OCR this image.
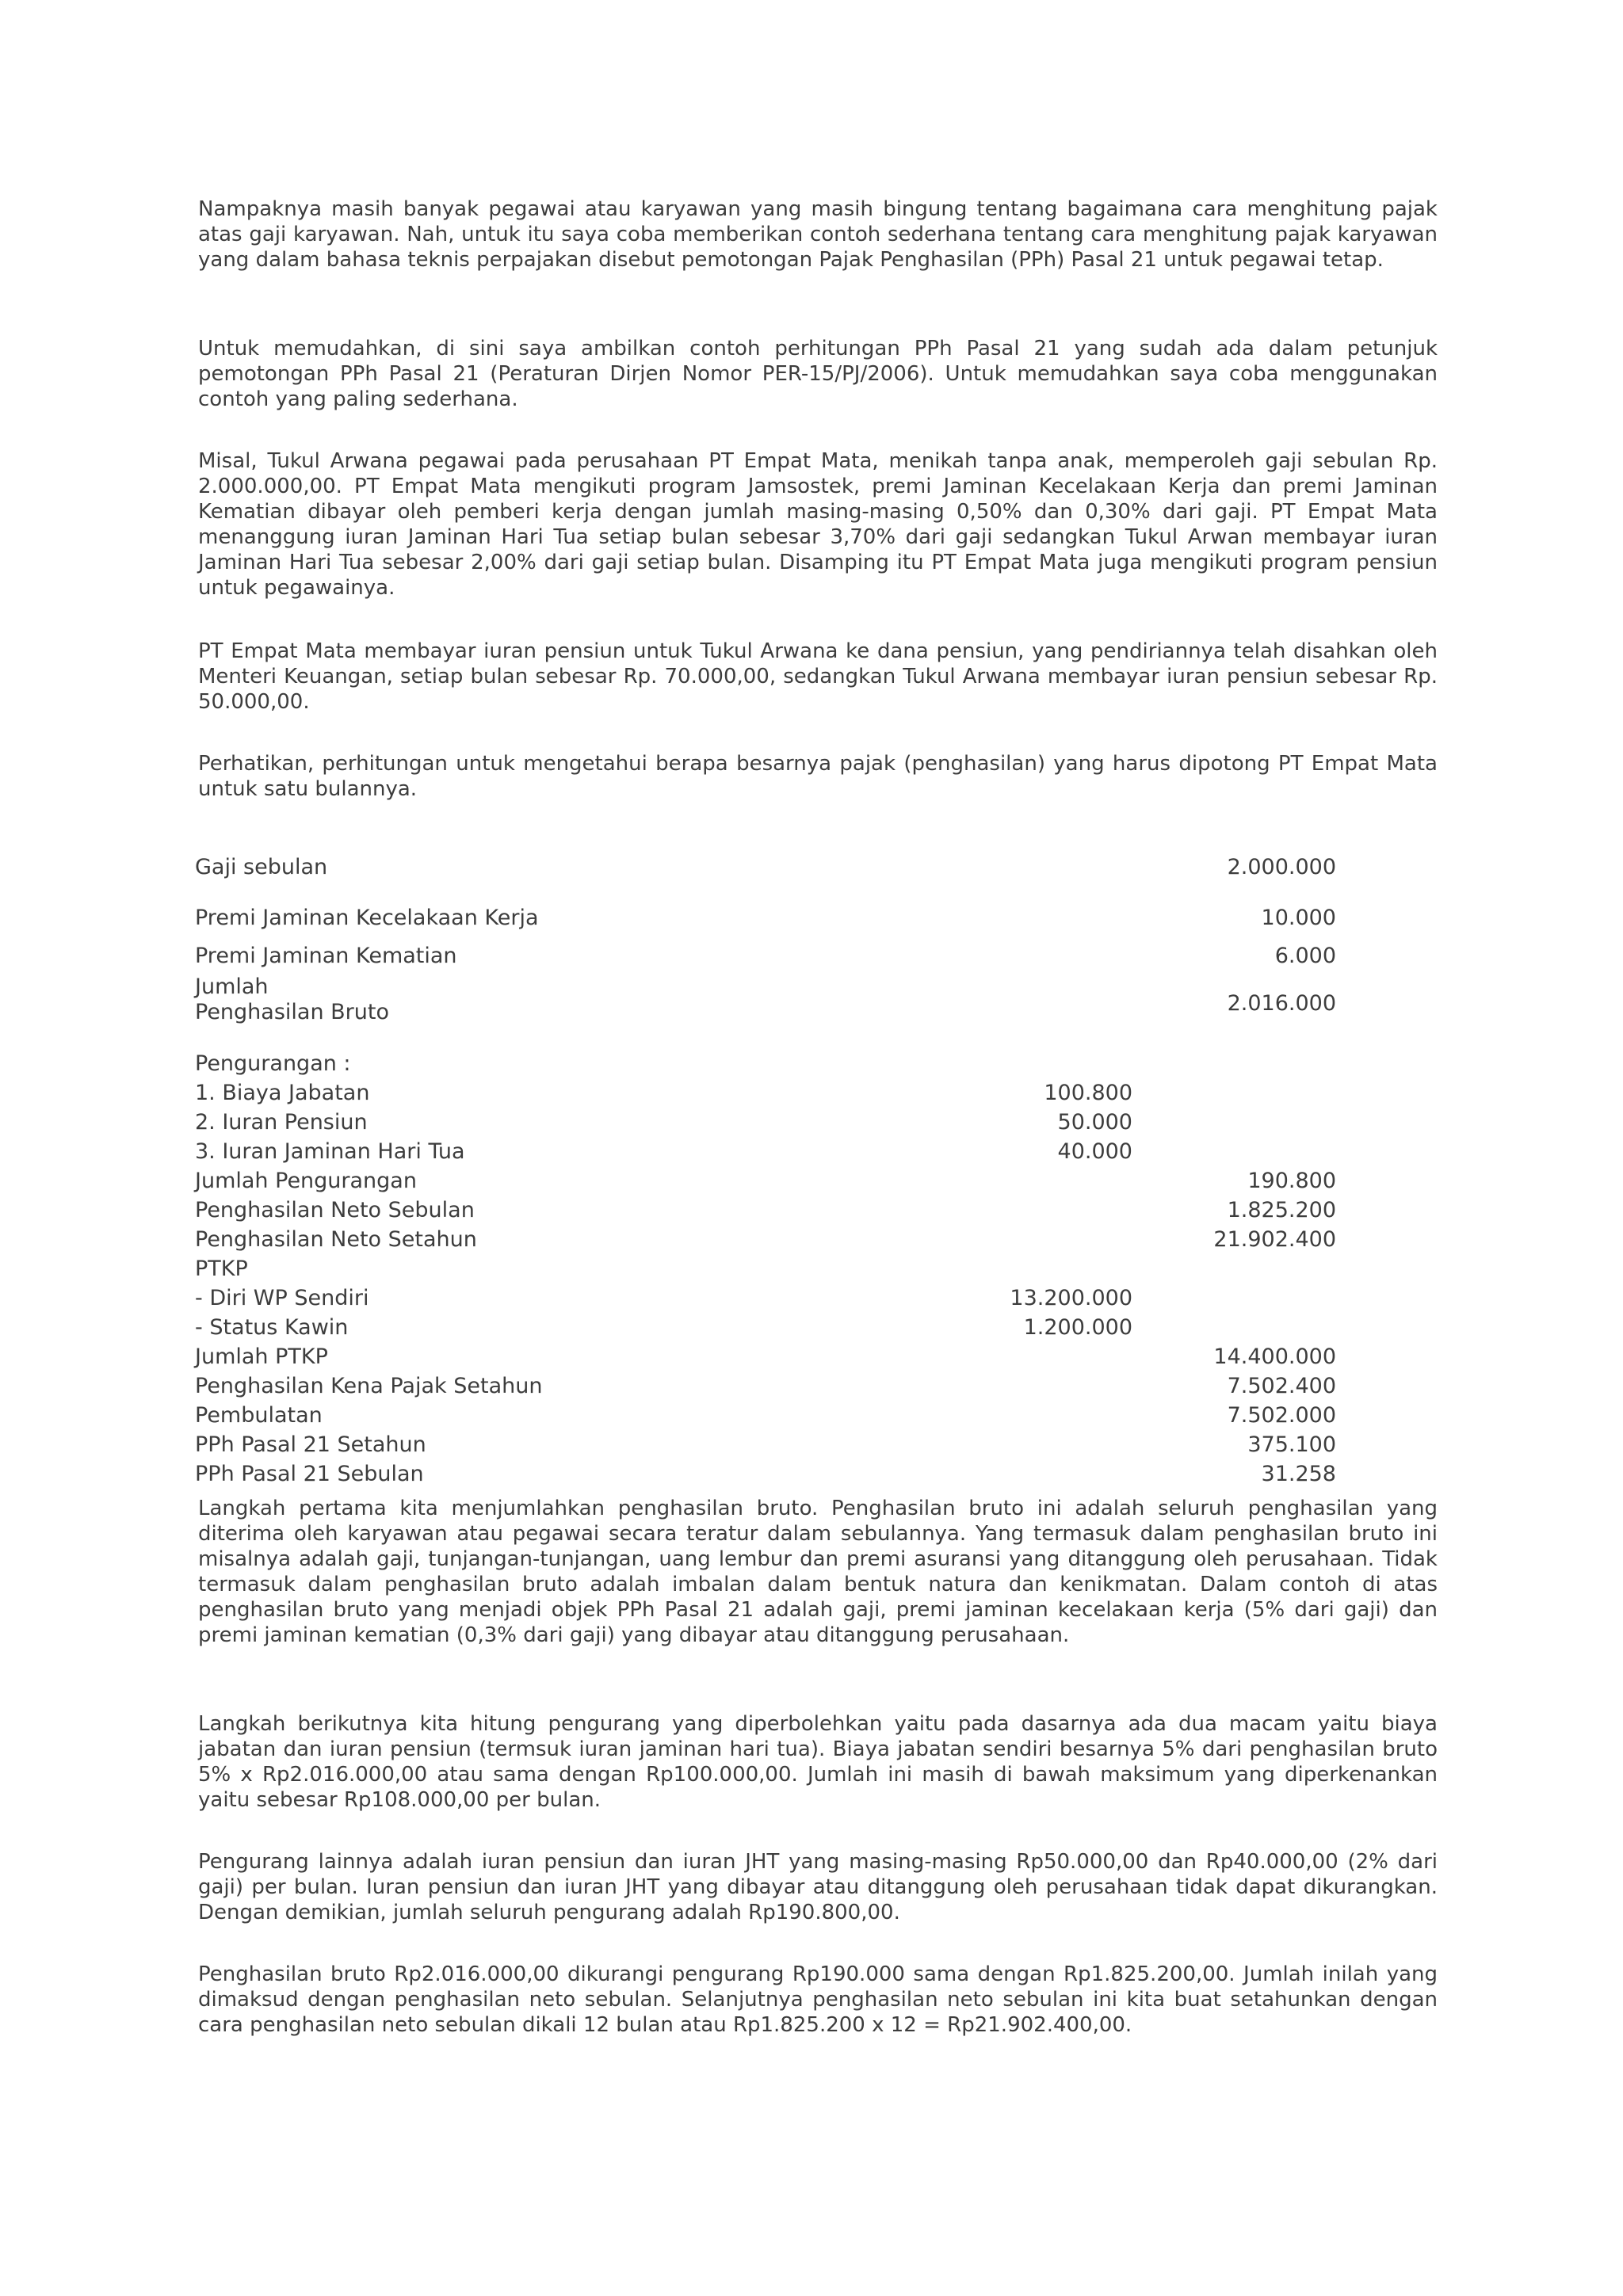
Nampaknya masih banyak pegawai atau karyawan yang masih bingung tentang bagaimana cara menghitung pajak atas gaji karyawan. Nah, untuk itu saya coba memberikan contoh sederhana tentang cara menghitung pajak karyawan yang dalam bahasa teknis perpajakan disebut pemotongan Pajak Penghasilan (PPh) Pasal 21 untuk pegawai tetap.

Untuk memudahkan, di sini saya ambilkan contoh perhitungan PPh Pasal 21 yang sudah ada dalam petunjuk pemotongan PPh Pasal 21 (Peraturan Dirjen Nomor PER-15/PJ/2006). Untuk memudahkan saya coba menggunakan contoh yang paling sederhana.

Misal, Tukul Arwana pegawai pada perusahaan PT Empat Mata, menikah tanpa anak, memperoleh gaji sebulan Rp. 2.000.000,00. PT Empat Mata mengikuti program Jamsostek, premi Jaminan Kecelakaan Kerja dan premi Jaminan Kematian dibayar oleh pemberi kerja dengan jumlah masing-masing 0,50% dan 0,30% dari gaji. PT Empat Mata menanggung iuran Jaminan Hari Tua setiap bulan sebesar 3,70% dari gaji sedangkan Tukul Arwan membayar iuran Jaminan Hari Tua sebesar 2,00% dari gaji setiap bulan. Disamping itu PT Empat Mata juga mengikuti program pensiun untuk pegawainya.

PT Empat Mata membayar iuran pensiun untuk Tukul Arwana ke dana pensiun, yang pendiriannya telah disahkan oleh Menteri Keuangan, setiap bulan sebesar Rp. 70.000,00, sedangkan Tukul Arwana membayar iuran pensiun sebesar Rp. 50.000,00.

Perhatikan, perhitungan untuk mengetahui berapa besarnya pajak (penghasilan) yang harus dipotong PT Empat Mata untuk satu bulannya.

Gaji sebulan	2.000.000
Premi Jaminan Kecelakaan Kerja	10.000
Premi Jaminan Kematian	6.000
Jumlah
Penghasilan Bruto	2.016.000
Pengurangan :
1. Biaya Jabatan	100.800
2. Iuran Pensiun	50.000
3. Iuran Jaminan Hari Tua	40.000
Jumlah Pengurangan	190.800
Penghasilan Neto Sebulan	1.825.200
Penghasilan Neto Setahun	21.902.400
PTKP
- Diri WP Sendiri	13.200.000
- Status Kawin	1.200.000
Jumlah PTKP	14.400.000
Penghasilan Kena Pajak Setahun	7.502.400
Pembulatan	7.502.000
PPh Pasal 21 Setahun	375.100
PPh Pasal 21 Sebulan	31.258

Langkah pertama kita menjumlahkan penghasilan bruto. Penghasilan bruto ini adalah seluruh penghasilan yang diterima oleh karyawan atau pegawai secara teratur dalam sebulannya. Yang termasuk dalam penghasilan bruto ini misalnya adalah gaji, tunjangan-tunjangan, uang lembur dan premi asuransi yang ditanggung oleh perusahaan. Tidak termasuk dalam penghasilan bruto adalah imbalan dalam bentuk natura dan kenikmatan. Dalam contoh di atas penghasilan bruto yang menjadi objek PPh Pasal 21 adalah gaji, premi jaminan kecelakaan kerja (5% dari gaji) dan premi jaminan kematian (0,3% dari gaji) yang dibayar atau ditanggung perusahaan.

Langkah berikutnya kita hitung pengurang yang diperbolehkan yaitu pada dasarnya ada dua macam yaitu biaya jabatan dan iuran pensiun (termsuk iuran jaminan hari tua). Biaya jabatan sendiri besarnya 5% dari penghasilan bruto 5% x Rp2.016.000,00 atau sama dengan Rp100.000,00. Jumlah ini masih di bawah maksimum yang diperkenankan yaitu sebesar Rp108.000,00 per bulan.

Pengurang lainnya adalah iuran pensiun dan iuran JHT yang masing-masing Rp50.000,00 dan Rp40.000,00 (2% dari gaji) per bulan. Iuran pensiun dan iuran JHT yang dibayar atau ditanggung oleh perusahaan tidak dapat dikurangkan. Dengan demikian, jumlah seluruh pengurang adalah Rp190.800,00.

Penghasilan bruto Rp2.016.000,00 dikurangi pengurang Rp190.000 sama dengan Rp1.825.200,00. Jumlah inilah yang dimaksud dengan penghasilan neto sebulan. Selanjutnya penghasilan neto sebulan ini kita buat setahunkan dengan cara penghasilan neto sebulan dikali 12 bulan atau Rp1.825.200 x 12 = Rp21.902.400,00.
